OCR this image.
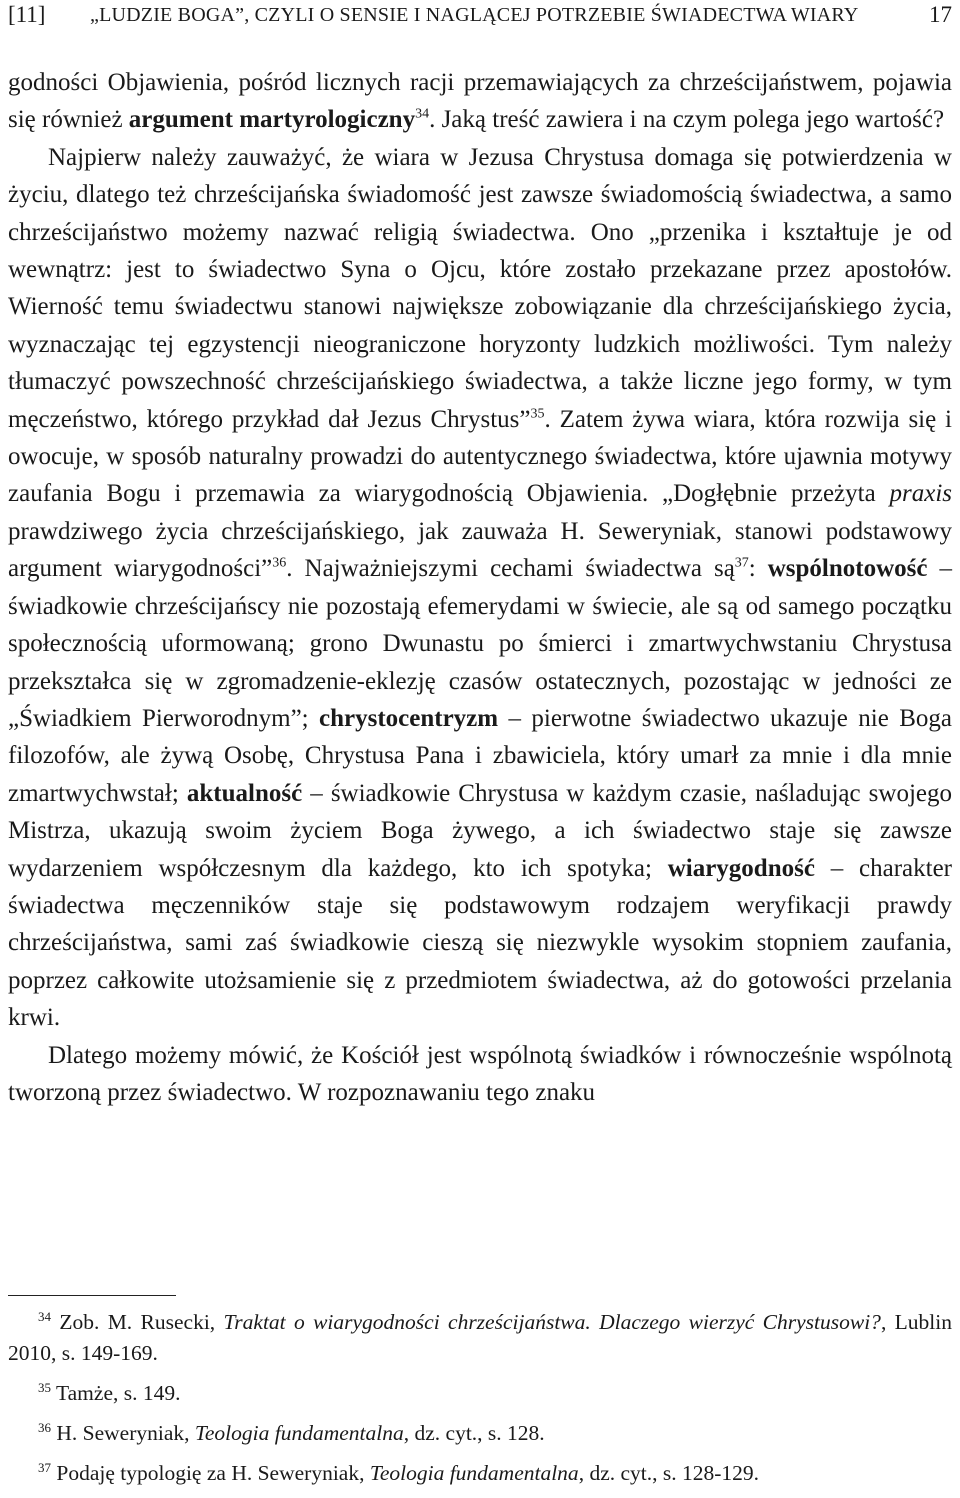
[11] „LUDZIE BOGA”, CZYLI O SENSIE I NAGLĄCEJ POTRZEBIE ŚWIADECTWA WIARY	17

godności Objawienia, pośród licznych racji przemawiających za chrześcijaństwem, pojawia się również argument martyrologiczny$^{34}$. Jaką treść zawiera i na czym polega jego wartość?

Najpierw należy zauważyć, że wiara w Jezusa Chrystusa domaga się potwierdzenia w życiu, dlatego też chrześcijańska świadomość jest zawsze świadomością świadectwa, a samo chrześcijaństwo możemy nazwać religią świadectwa. Ono „przenika i kształtuje je od wewnątrz: jest to świadectwo Syna o Ojcu, które zostało przekazane przez apostołów. Wierność temu świadectwu stanowi największe zobowiązanie dla chrześcijańskiego życia, wyznaczając tej egzystencji nieograniczone horyzonty ludzkich możliwości. Tym należy tłumaczyć powszechność chrześcijańskiego świadectwa, a także liczne jego formy, w tym męczeństwo, którego przykład dał Jezus Chrystus”$^{35}$. Zatem żywa wiara, która rozwija się i owocuje, w sposób naturalny prowadzi do autentycznego świadectwa, które ujawnia motywy zaufania Bogu i przemawia za wiarygodnością Objawienia. „Dogłębnie przeżyta praxis prawdziwego życia chrześcijańskiego, jak zauważa H. Seweryniak, stanowi podstawowy argument wiarygodności”$^{36}$. Najważniejszymi cechami świadectwa $są^{37}$: wspólnotowość – świadkowie chrześcijańscy nie pozostają efemerydami w świecie, ale są od samego początku społecznością uformowaną; grono Dwunastu po śmierci i zmartwychwstaniu Chrystusa przekształca się w zgromadzenie-eklezję czasów ostatecznych, pozostając w jedności ze „Świadkiem Pierworodnym”; chrystocentryzm – pierwotne świadectwo ukazuje nie Boga filozofów, ale żywą Osobę, Chrystusa Pana i zbawiciela, który umarł za mnie i dla mnie zmartwychwstał; aktualność – świadkowie Chrystusa w każdym czasie, naśladując swojego Mistrza, ukazują swoim życiem Boga żywego, a ich świadectwo staje się zawsze wydarzeniem współczesnym dla każdego, kto ich spotyka; wiarygodność – charakter świadectwa męczenników staje się podstawowym rodzajem weryfikacji prawdy chrześcijaństwa, sami zaś świadkowie cieszą się niezwykle wysokim stopniem zaufania, poprzez całkowite utożsamienie się z przedmiotem świadectwa, aż do gotowości przelania krwi.

Dlatego możemy mówić, że Kościół jest wspólnotą świadków i równocześnie wspólnotą tworzoną przez świadectwo. W rozpoznawaniu tego znaku

$^{34}$ Zob. M. Rusecki, Traktat o wiarygodności chrześcijaństwa. Dlaczego wierzyć Chrystusowi?, Lublin 2010, s. 149-169.

$^{35}$ Tamże, s. 149.

$^{36}$ H. Seweryniak, Teologia fundamentalna, dz. cyt., s. 128.

$^{37}$ Podaję typologię za H. Seweryniak, Teologia fundamentalna, dz. cyt., s. 128-129.
